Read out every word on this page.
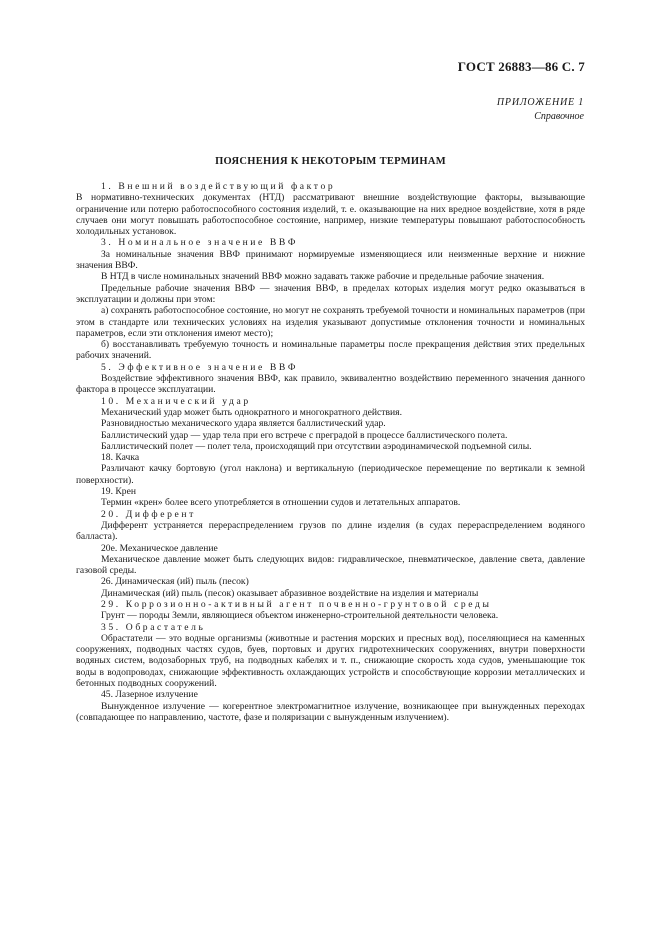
ГОСТ 26883—86 С. 7
ПРИЛОЖЕНИЕ 1
Справочное
ПОЯСНЕНИЯ К НЕКОТОРЫМ ТЕРМИНАМ

1. Внешний воздействующий фактор

В нормативно-технических документах (НТД) рассматривают внешние воздействующие факторы, вызывающие ограничение или потерю работоспособного состояния изделий, т. е. оказывающие на них вредное воздействие, хотя в ряде случаев они могут повышать работоспособное состояние, например, низкие температуры повышают работоспособность холодильных установок.

3. Номинальное значение ВВФ

За номинальные значения ВВФ принимают нормируемые изменяющиеся или неизменные верхние и нижние значения ВВФ.

В НТД в числе номинальных значений ВВФ можно задавать также рабочие и предельные рабочие значения.

Предельные рабочие значения ВВФ — значения ВВФ, в пределах которых изделия могут редко оказываться в эксплуатации и должны при этом:

а) сохранять работоспособное состояние, но могут не сохранять требуемой точности и номинальных параметров (при этом в стандарте или технических условиях на изделия указывают допустимые отклонения точности и номинальных параметров, если эти отклонения имеют место);

б) восстанавливать требуемую точность и номинальные параметры после прекращения действия этих предельных рабочих значений.

5. Эффективное значение ВВФ

Воздействие эффективного значения ВВФ, как правило, эквивалентно воздействию переменного значения данного фактора в процессе эксплуатации.

10. Механический удар

Механический удар может быть однократного и многократного действия.

Разновидностью механического удара является баллистический удар.

Баллистический удар — удар тела при его встрече с преградой в процессе баллистического полета.

Баллистический полет — полет тела, происходящий при отсутствии аэродинамической подъемной силы.

18. Качка

Различают качку бортовую (угол наклона) и вертикальную (периодическое перемещение по вертикали к земной поверхности).

19. Крен

Термин «крен» более всего употребляется в отношении судов и летательных аппаратов.

20. Дифферент

Дифферент устраняется перераспределением грузов по длине изделия (в судах перераспределением водяного балласта).

20е. Механическое давление

Механическое давление может быть следующих видов: гидравлическое, пневматическое, давление света, давление газовой среды.

26. Динамическая (ий) пыль (песок)

Динамическая (ий) пыль (песок) оказывает абразивное воздействие на изделия и материалы

29. Коррозионно-активный агент почвенно-грунтовой среды

Грунт — породы Земли, являющиеся объектом инженерно-строительной деятельности человека.

35. Обрастатель

Обрастатели — это водные организмы (животные и растения морских и пресных вод), поселяющиеся на каменных сооружениях, подводных частях судов, буев, портовых и других гидротехнических сооружениях, внутри поверхности водяных систем, водозаборных труб, на подводных кабелях и т. п., снижающие скорость хода судов, уменьшающие ток воды в водопроводах, снижающие эффективность охлаждающих устройств и способствующие коррозии металлических и бетонных подводных сооружений.

45. Лазерное излучение

Вынужденное излучение — когерентное электромагнитное излучение, возникающее при вынужденных переходах (совпадающее по направлению, частоте, фазе и поляризации с вынужденным излучением).
